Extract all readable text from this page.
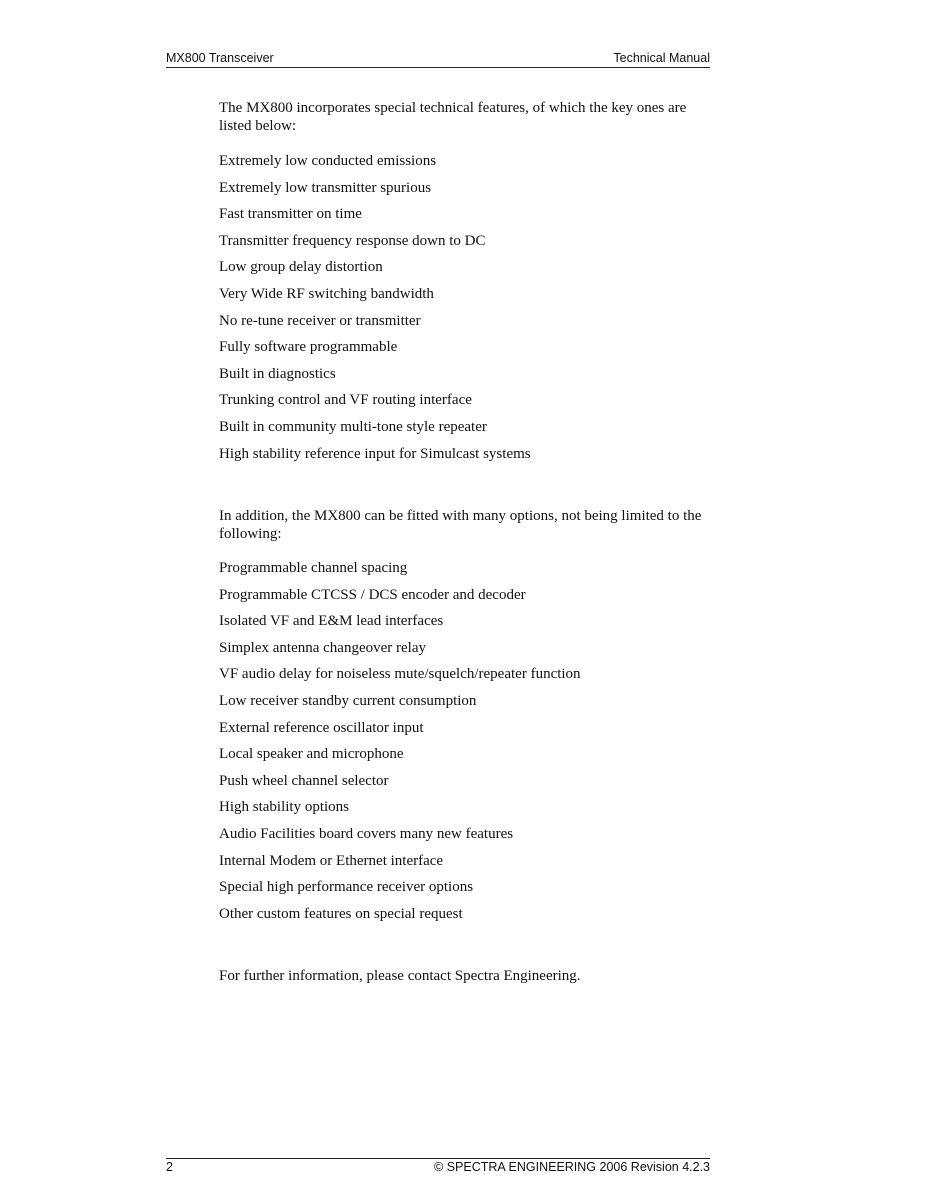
MX800 Transceiver	Technical Manual

The MX800 incorporates special technical features, of which the key ones are listed below:

Extremely low conducted emissions
Extremely low transmitter spurious
Fast transmitter on time
Transmitter frequency response down to DC
Low group delay distortion
Very Wide RF switching bandwidth
No re-tune receiver or transmitter
Fully software programmable
Built in diagnostics
Trunking control and VF routing interface
Built in community multi-tone style repeater
High stability reference input for Simulcast systems

In addition, the MX800 can be fitted with many options, not being limited to the following:

Programmable channel spacing
Programmable CTCSS / DCS encoder and decoder
Isolated VF and E&M lead interfaces
Simplex antenna changeover relay
VF audio delay for noiseless mute/squelch/repeater function
Low receiver standby current consumption
External reference oscillator input
Local speaker and microphone
Push wheel channel selector
High stability options
Audio Facilities board covers many new features
Internal Modem or Ethernet interface
Special high performance receiver options
Other custom features on special request

For further information, please contact Spectra Engineering.

2	© SPECTRA ENGINEERING 2006 Revision 4.2.3
